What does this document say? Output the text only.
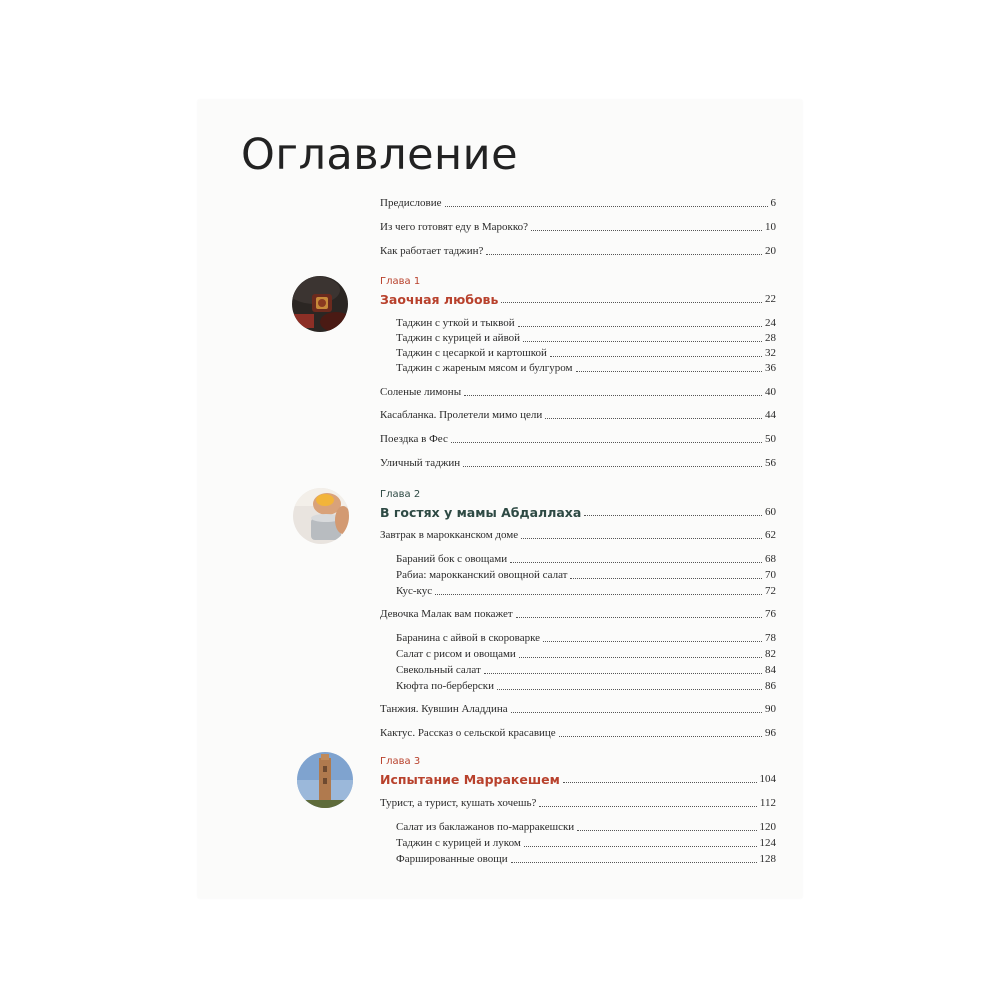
Оглавление
Предисловие	6
Из чего готовят еду в Марокко?	10
Как работает таджин?	20
Глава 1
Заочная любовь	22
Таджин с уткой и тыквой	24
Таджин с курицей и айвой	28
Таджин с цесаркой и картошкой	32
Таджин с жареным мясом и булгуром	36
Соленые лимоны	40
Касабланка. Пролетели мимо цели	44
Поездка в Фес	50
Уличный таджин	56
Глава 2
В гостях у мамы Абдаллаха	60
Завтрак в марокканском доме	62
Бараний бок с овощами	68
Рабиа: марокканский овощной салат	70
Кус-кус	72
Девочка Малак вам покажет	76
Баранина с айвой в скороварке	78
Салат с рисом и овощами	82
Свекольный салат	84
Кюфта по-берберски	86
Танжия. Кувшин Аладдина	90
Кактус. Рассказ о сельской красавице	96
Глава 3
Испытание Марракешем	104
Турист, а турист, кушать хочешь?	112
Салат из баклажанов по-марракешски	120
Таджин с курицей и луком	124
Фаршированные овощи	128
